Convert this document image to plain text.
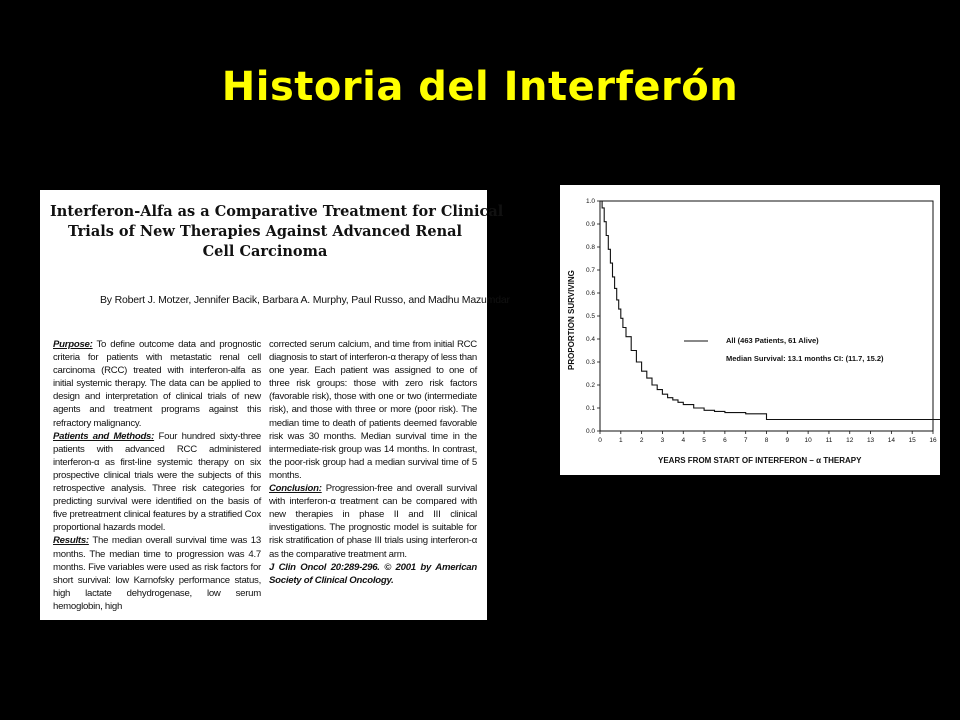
Historia del Interferón
Interferon-Alfa as a Comparative Treatment for Clinical
Trials of New Therapies Against Advanced Renal
Cell Carcinoma
By Robert J. Motzer, Jennifer Bacik, Barbara A. Murphy, Paul Russo, and Madhu Mazumdar

Purpose: To define outcome data and prognostic criteria for patients with metastatic renal cell carcinoma (RCC) treated with interferon-alfa as initial systemic therapy. The data can be applied to design and interpretation of clinical trials of new agents and treatment programs against this refractory malignancy.

Patients and Methods: Four hundred sixty-three patients with advanced RCC administered interferon-α as first-line systemic therapy on six prospective clinical trials were the subjects of this retrospective analysis. Three risk categories for predicting survival were identified on the basis of five pretreatment clinical features by a stratified Cox proportional hazards model.

Results: The median overall survival time was 13 months. The median time to progression was 4.7 months. Five variables were used as risk factors for short survival: low Karnofsky performance status, high lactate dehydrogenase, low serum hemoglobin, high

corrected serum calcium, and time from initial RCC diagnosis to start of interferon-α therapy of less than one year. Each patient was assigned to one of three risk groups: those with zero risk factors (favorable risk), those with one or two (intermediate risk), and those with three or more (poor risk). The median time to death of patients deemed favorable risk was 30 months. Median survival time in the intermediate-risk group was 14 months. In contrast, the poor-risk group had a median survival time of 5 months.

Conclusion: Progression-free and overall survival with interferon-α treatment can be compared with new therapies in phase II and III clinical investigations. The prognostic model is suitable for risk stratification of phase III trials using interferon-α as the comparative treatment arm.

J Clin Oncol 20:289-296. © 2001 by American Society of Clinical Oncology.

0.0
0.1
0.2
0.3
0.4
0.5
0.6
0.7
0.8
0.9
1.0
0	1	2	3	4	5	6	7	8	9 10 11 12 13 14 15 16
All (463 Patients, 61 Alive)
Median Survival: 13.1 months CI: (11.7, 15.2)
PROPORTION SURVIVING
YEARS FROM START OF INTERFERON – α THERAPY
